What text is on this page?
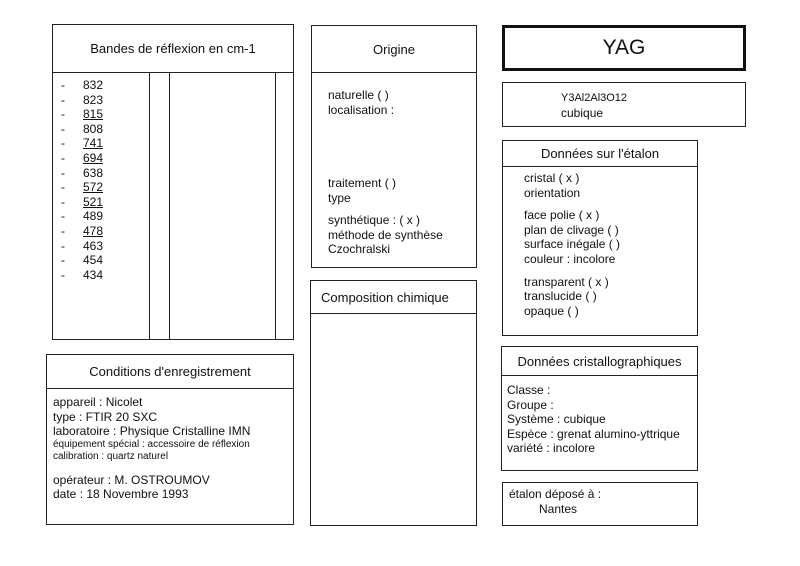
Bandes de réflexion en cm-1
- 832
- 823
- 815
- 808
- 741
- 694
- 638
- 572
- 521
- 489
- 478
- 463
- 454
- 434
Conditions d'enregistrement
appareil : Nicolet
type : FTIR 20 SXC
laboratoire : Physique Cristalline IMN
équipement spécial : accessoire de réflexion
calibration : quartz naturel
opérateur : M. OSTROUMOV
date : 18 Novembre 1993
Origine
naturelle ( )
localisation :
traitement ( )
type
synthétique : ( x )
méthode de synthèse
Czochralski
Composition chimique
YAG
Y3Al2Al3O12
cubique
Données sur l'étalon
cristal ( x )
orientation
face polie ( x )
plan de clivage ( )
surface inégale ( )
couleur : incolore
transparent ( x )
translucide ( )
opaque ( )
Données cristallographiques
Classe :
Groupe :
Système : cubique
Espèce : grenat alumino-yttrique
variété : incolore
étalon déposé à :
Nantes
